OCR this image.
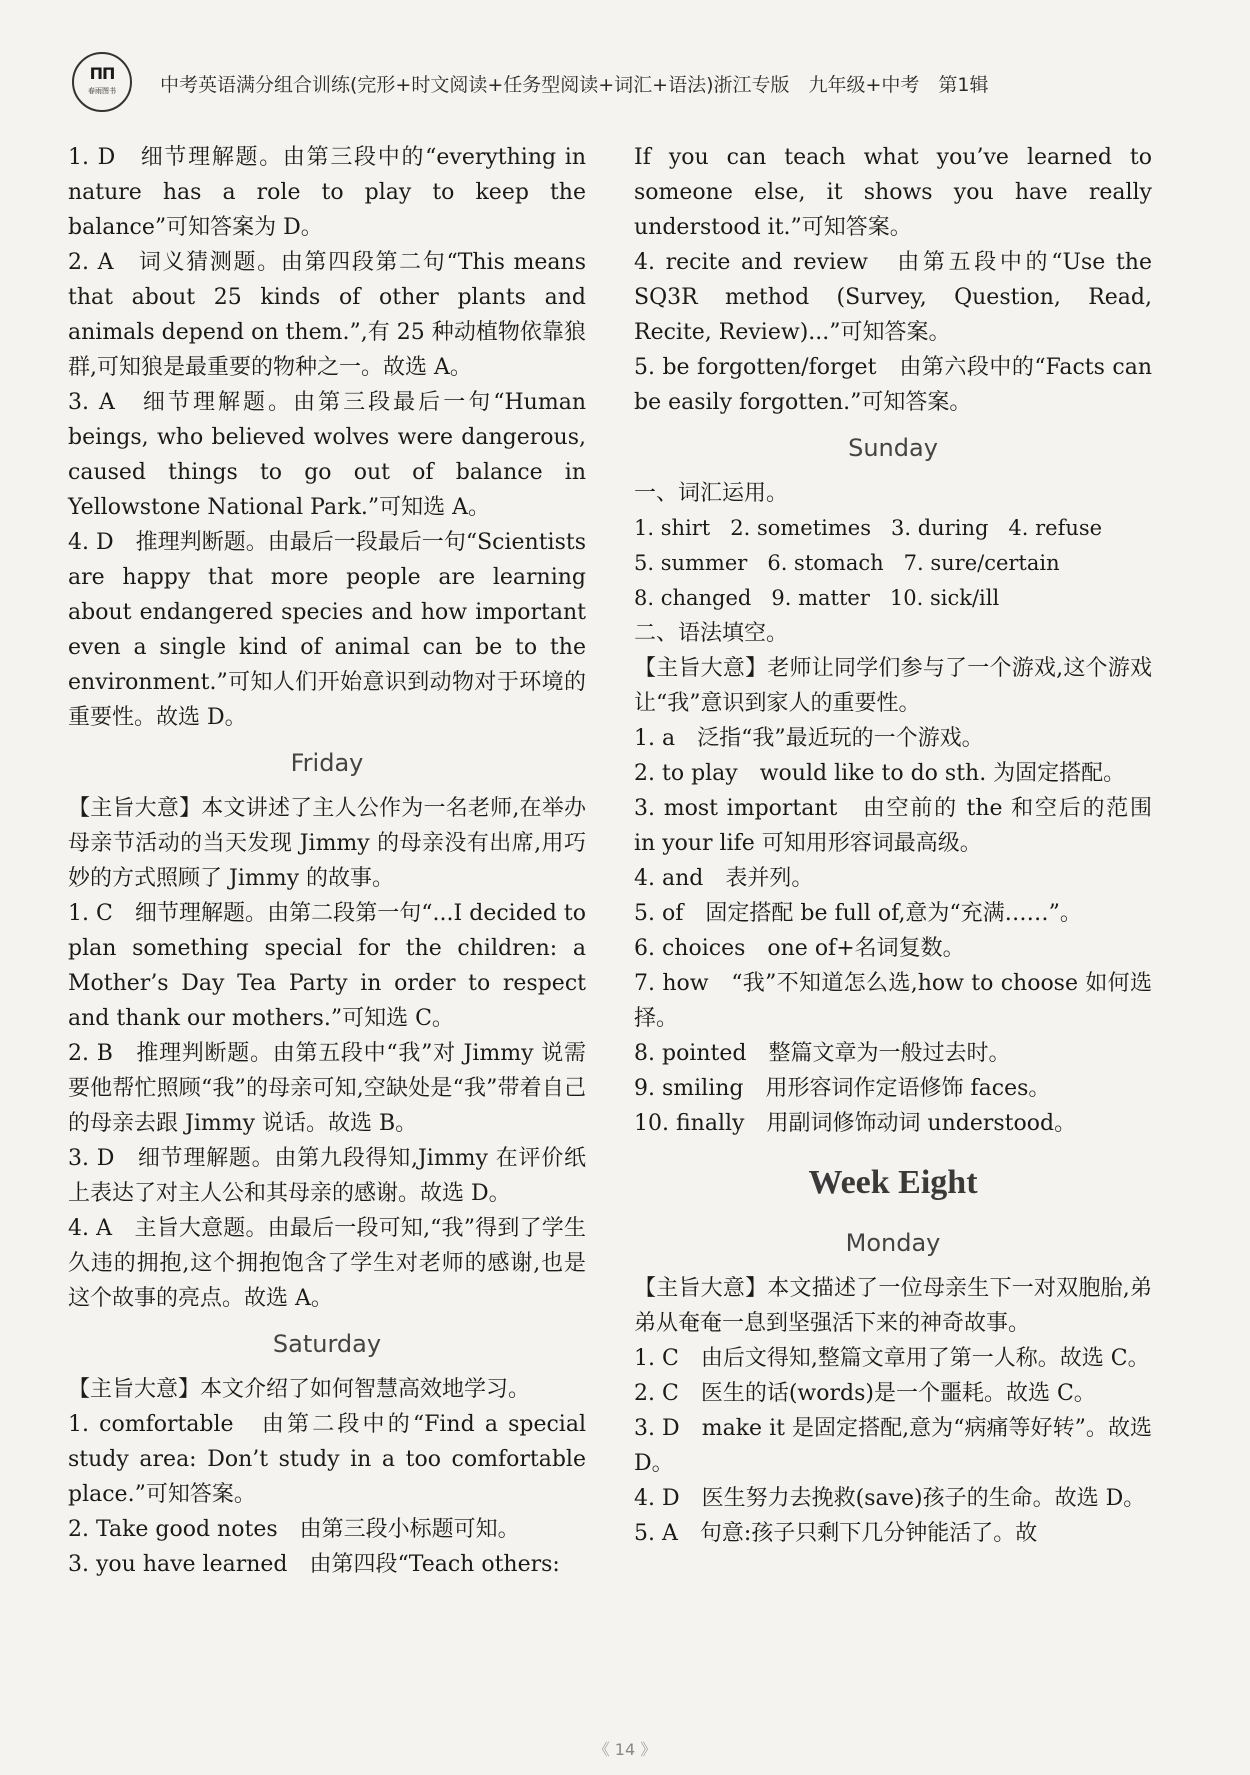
ΠΠ
春雨图书	中考英语满分组合训练(完形+时文阅读+任务型阅读+词汇+语法)浙江专版　九年级+中考　第1辑

1. D　细节理解题。由第三段中的“everything in nature has a role to play to keep the balance”可知答案为 D。

2. A　词义猜测题。由第四段第二句“This means that about 25 kinds of other plants and animals depend on them.”,有 25 种动植物依靠狼群,可知狼是最重要的物种之一。故选 A。

3. A　细节理解题。由第三段最后一句“Human beings, who believed wolves were dangerous, caused things to go out of balance in Yellowstone National Park.”可知选 A。

4. D　推理判断题。由最后一段最后一句“Scientists are happy that more people are learning about endangered species and how important even a single kind of animal can be to the environment.”可知人们开始意识到动物对于环境的重要性。故选 D。

Friday

【主旨大意】本文讲述了主人公作为一名老师,在举办母亲节活动的当天发现 Jimmy 的母亲没有出席,用巧妙的方式照顾了 Jimmy 的故事。

1. C　细节理解题。由第二段第一句“...I decided to plan something special for the children: a Mother’s Day Tea Party in order to respect and thank our mothers.”可知选 C。

2. B　推理判断题。由第五段中“我”对 Jimmy 说需要他帮忙照顾“我”的母亲可知,空缺处是“我”带着自己的母亲去跟 Jimmy 说话。故选 B。

3. D　细节理解题。由第九段得知,Jimmy 在评价纸上表达了对主人公和其母亲的感谢。故选 D。

4. A　主旨大意题。由最后一段可知,“我”得到了学生久违的拥抱,这个拥抱饱含了学生对老师的感谢,也是这个故事的亮点。故选 A。

Saturday

【主旨大意】本文介绍了如何智慧高效地学习。

1. comfortable　由第二段中的“Find a special study area: Don’t study in a too comfortable place.”可知答案。

2. Take good notes　由第三段小标题可知。

3. you have learned　由第四段“Teach others:

If you can teach what you’ve learned to someone else, it shows you have really understood it.”可知答案。

4. recite and review　由第五段中的“Use the SQ3R method (Survey, Question, Read, Recite, Review)...”可知答案。

5. be forgotten/forget　由第六段中的“Facts can be easily forgotten.”可知答案。

Sunday

一、词汇运用。

1. shirt   2. sometimes   3. during   4. refuse

5. summer   6. stomach   7. sure/certain

8. changed   9. matter   10. sick/ill

二、语法填空。

【主旨大意】老师让同学们参与了一个游戏,这个游戏让“我”意识到家人的重要性。

1. a　泛指“我”最近玩的一个游戏。

2. to play　would like to do sth. 为固定搭配。

3. most important　由空前的 the 和空后的范围 in your life 可知用形容词最高级。

4. and　表并列。

5. of　固定搭配 be full of,意为“充满……”。

6. choices　one of+名词复数。

7. how　“我”不知道怎么选,how to choose 如何选择。

8. pointed　整篇文章为一般过去时。

9. smiling　用形容词作定语修饰 faces。

10. finally　用副词修饰动词 understood。

Week Eight

Monday

【主旨大意】本文描述了一位母亲生下一对双胞胎,弟弟从奄奄一息到坚强活下来的神奇故事。

1. C　由后文得知,整篇文章用了第一人称。故选 C。

2. C　医生的话(words)是一个噩耗。故选 C。

3. D　make it 是固定搭配,意为“病痛等好转”。故选 D。

4. D　医生努力去挽救(save)孩子的生命。故选 D。

5. A　句意:孩子只剩下几分钟能活了。故

《 14 》
